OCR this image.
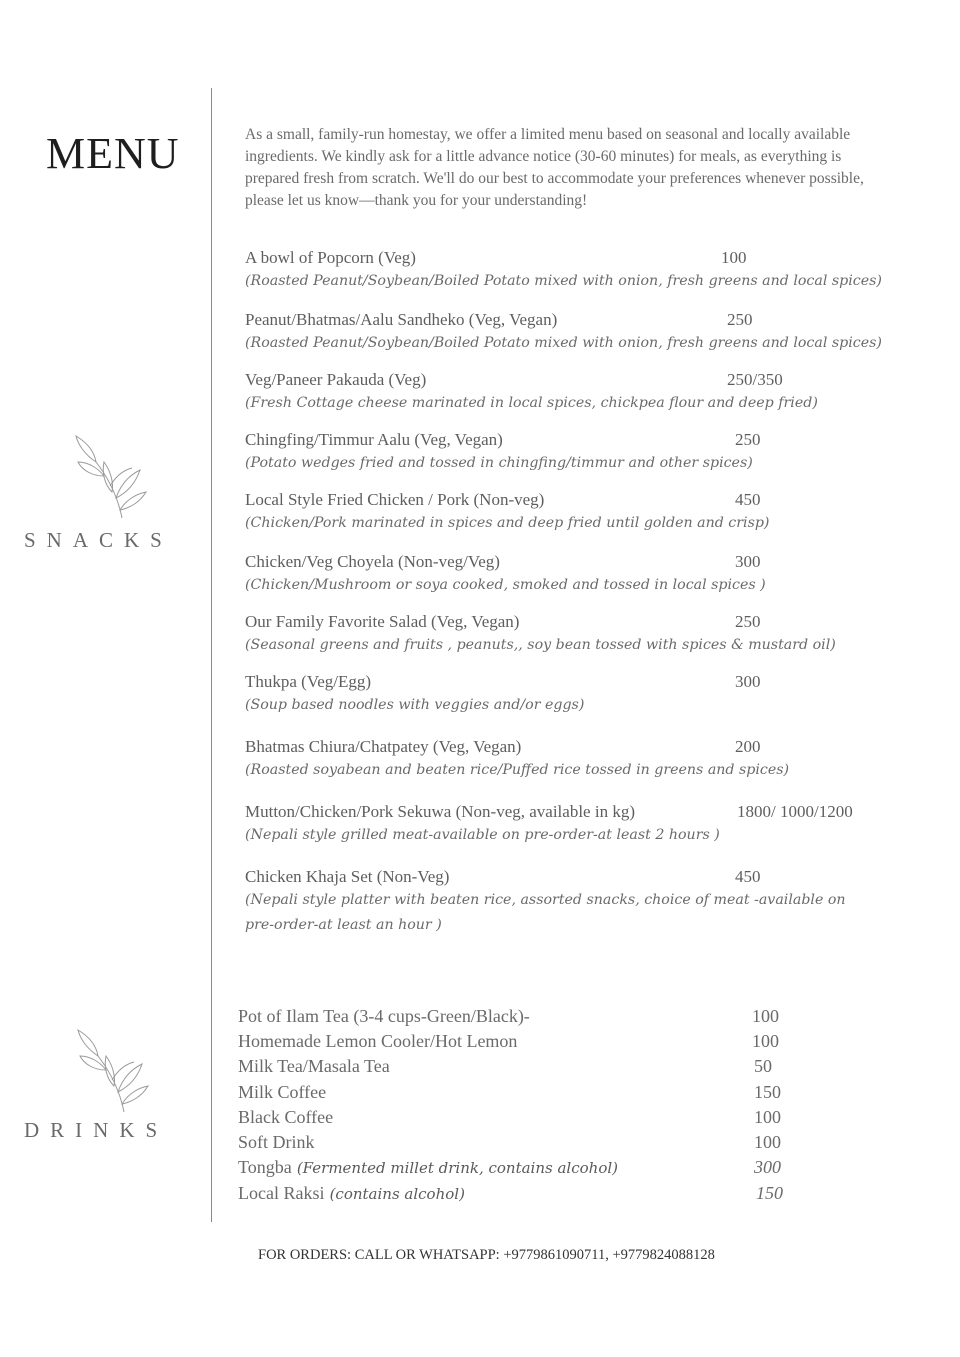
MENU	As a small, family-run homestay, we offer a limited menu based on seasonal and locally available ingredients. We kindly ask for a little advance notice (30-60 minutes) for meals, as everything is prepared fresh from scratch. We'll do our best to accommodate your preferences whenever possible, please let us know—thank you for your understanding!

SNACKS
DRINKS
A bowl of Popcorn (Veg)	100
(Roasted Peanut/Soybean/Boiled Potato mixed with onion, fresh greens and local spices)
Peanut/Bhatmas/Aalu Sandheko (Veg, Vegan)	250
(Roasted Peanut/Soybean/Boiled Potato mixed with onion, fresh greens and local spices)
Veg/Paneer Pakauda (Veg)	250/350
(Fresh Cottage cheese marinated in local spices, chickpea flour and deep fried)
Chingfing/Timmur Aalu (Veg, Vegan)	250
(Potato wedges fried and tossed in chingfing/timmur and other spices)
Local Style Fried Chicken / Pork (Non-veg)	450
(Chicken/Pork marinated in spices and deep fried until golden and crisp)
Chicken/Veg Choyela (Non-veg/Veg)	300
(Chicken/Mushroom or soya cooked, smoked and tossed in local spices )
Our Family Favorite Salad (Veg, Vegan)	250
(Seasonal greens and fruits , peanuts,, soy bean tossed with spices & mustard oil)
Thukpa (Veg/Egg)	300
(Soup based noodles with veggies and/or eggs)
Bhatmas Chiura/Chatpatey (Veg, Vegan)	200
(Roasted soyabean and beaten rice/Puffed rice tossed in greens and spices)
Mutton/Chicken/Pork Sekuwa (Non-veg, available in kg)	1800/ 1000/1200
(Nepali style grilled meat-available on pre-order-at least 2 hours )
Chicken Khaja Set (Non-Veg)	450
(Nepali style platter with beaten rice, assorted snacks, choice of meat -available on pre-order-at least an hour )
Pot of Ilam Tea (3-4 cups-Green/Black)-	100
Homemade Lemon Cooler/Hot Lemon	100
Milk Tea/Masala Tea	50
Milk Coffee	150
Black Coffee	100
Soft Drink	100
Tongba (Fermented millet drink, contains alcohol)	300
Local Raksi (contains alcohol)	150
FOR ORDERS: CALL OR WHATSAPP: +9779861090711, +9779824088128
